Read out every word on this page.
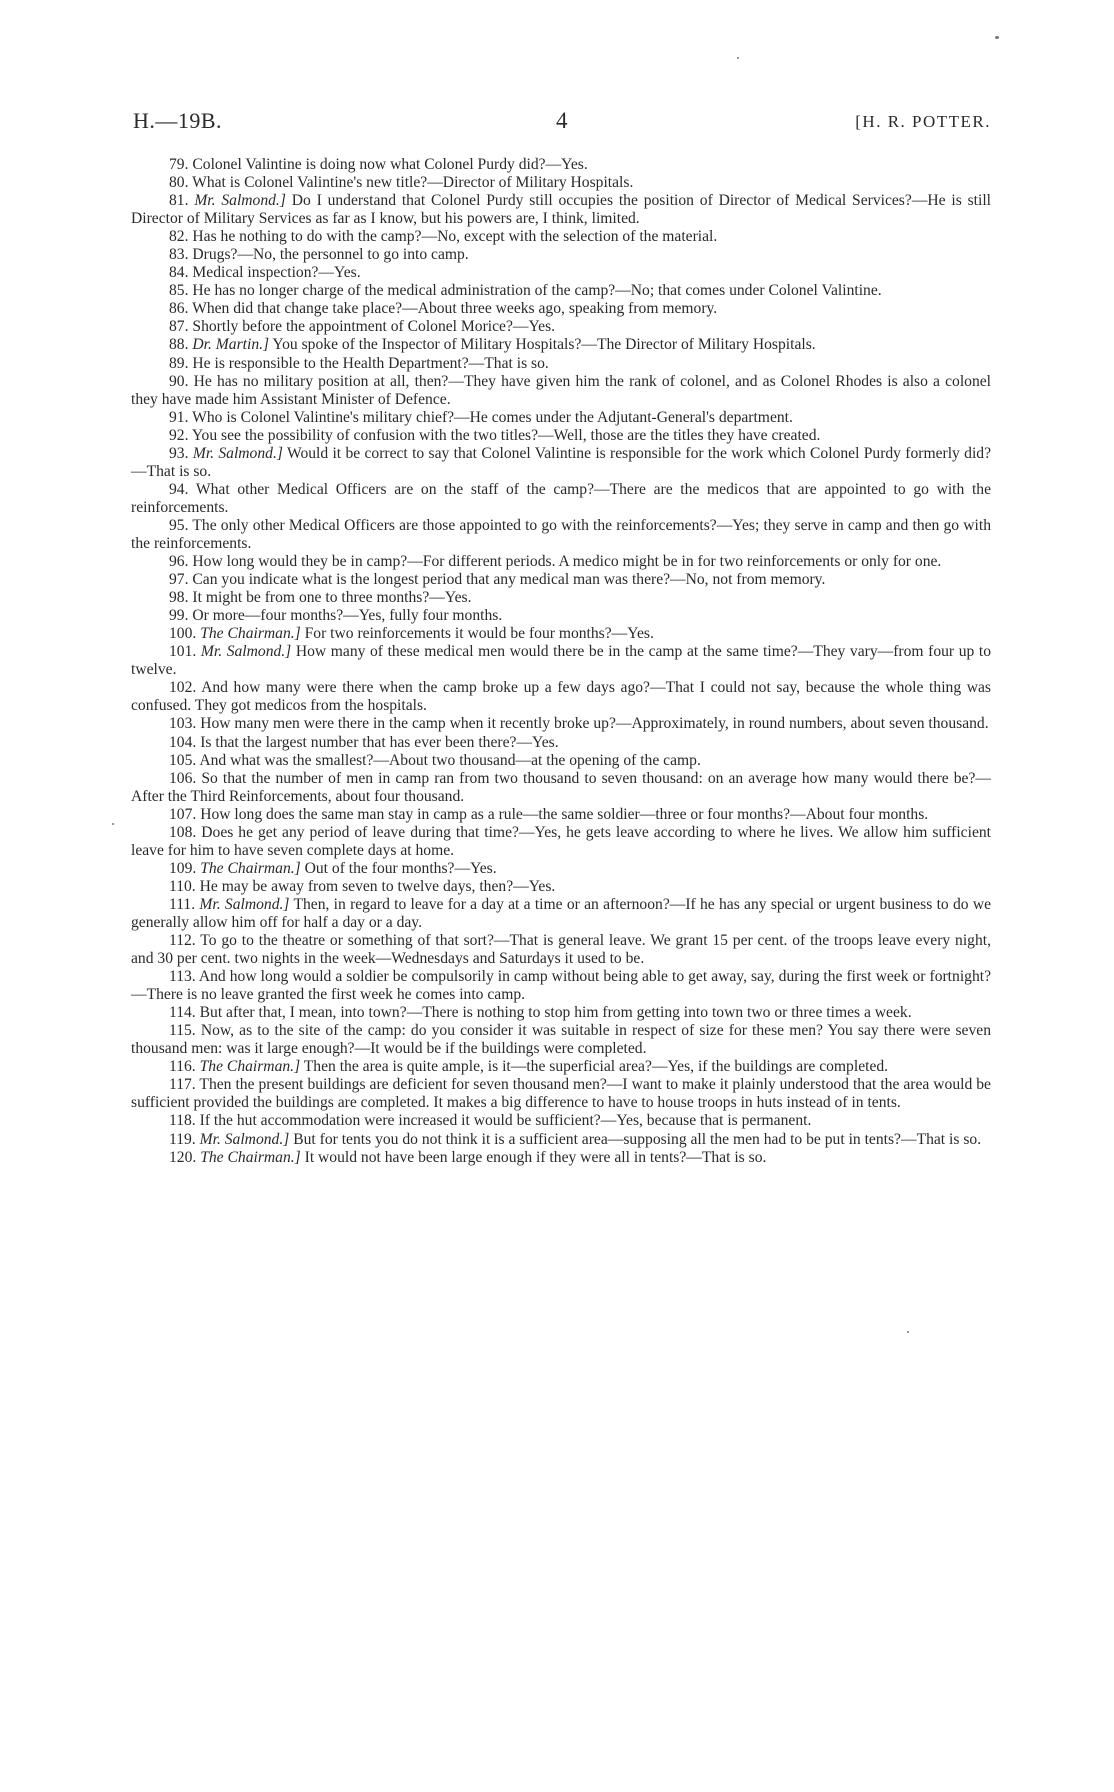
H.—19B.	4	[H. R. POTTER.

79. Colonel Valintine is doing now what Colonel Purdy did?—Yes.

80. What is Colonel Valintine's new title?—Director of Military Hospitals.

81. Mr. Salmond.] Do I understand that Colonel Purdy still occupies the position of Director of Medical Services?—He is still Director of Military Services as far as I know, but his powers are, I think, limited.

82. Has he nothing to do with the camp?—No, except with the selection of the material.

83. Drugs?—No, the personnel to go into camp.

84. Medical inspection?—Yes.

85. He has no longer charge of the medical administration of the camp?—No; that comes under Colonel Valintine.

86. When did that change take place?—About three weeks ago, speaking from memory.

87. Shortly before the appointment of Colonel Morice?—Yes.

88. Dr. Martin.] You spoke of the Inspector of Military Hospitals?—The Director of Military Hospitals.

89. He is responsible to the Health Department?—That is so.

90. He has no military position at all, then?—They have given him the rank of colonel, and as Colonel Rhodes is also a colonel they have made him Assistant Minister of Defence.

91. Who is Colonel Valintine's military chief?—He comes under the Adjutant-General's department.

92. You see the possibility of confusion with the two titles?—Well, those are the titles they have created.

93. Mr. Salmond.] Would it be correct to say that Colonel Valintine is responsible for the work which Colonel Purdy formerly did?—That is so.

94. What other Medical Officers are on the staff of the camp?—There are the medicos that are appointed to go with the reinforcements.

95. The only other Medical Officers are those appointed to go with the reinforcements?—Yes; they serve in camp and then go with the reinforcements.

96. How long would they be in camp?—For different periods. A medico might be in for two reinforcements or only for one.

97. Can you indicate what is the longest period that any medical man was there?—No, not from memory.

98. It might be from one to three months?—Yes.

99. Or more—four months?—Yes, fully four months.

100. The Chairman.] For two reinforcements it would be four months?—Yes.

101. Mr. Salmond.] How many of these medical men would there be in the camp at the same time?—They vary—from four up to twelve.

102. And how many were there when the camp broke up a few days ago?—That I could not say, because the whole thing was confused. They got medicos from the hospitals.

103. How many men were there in the camp when it recently broke up?—Approximately, in round numbers, about seven thousand.

104. Is that the largest number that has ever been there?—Yes.

105. And what was the smallest?—About two thousand—at the opening of the camp.

106. So that the number of men in camp ran from two thousand to seven thousand: on an average how many would there be?—After the Third Reinforcements, about four thousand.

107. How long does the same man stay in camp as a rule—the same soldier—three or four months?—About four months.

108. Does he get any period of leave during that time?—Yes, he gets leave according to where he lives. We allow him sufficient leave for him to have seven complete days at home.

109. The Chairman.] Out of the four months?—Yes.

110. He may be away from seven to twelve days, then?—Yes.

111. Mr. Salmond.] Then, in regard to leave for a day at a time or an afternoon?—If he has any special or urgent business to do we generally allow him off for half a day or a day.

112. To go to the theatre or something of that sort?—That is general leave. We grant 15 per cent. of the troops leave every night, and 30 per cent. two nights in the week—Wednesdays and Saturdays it used to be.

113. And how long would a soldier be compulsorily in camp without being able to get away, say, during the first week or fortnight?—There is no leave granted the first week he comes into camp.

114. But after that, I mean, into town?—There is nothing to stop him from getting into town two or three times a week.

115. Now, as to the site of the camp: do you consider it was suitable in respect of size for these men? You say there were seven thousand men: was it large enough?—It would be if the buildings were completed.

116. The Chairman.] Then the area is quite ample, is it—the superficial area?—Yes, if the buildings are completed.

117. Then the present buildings are deficient for seven thousand men?—I want to make it plainly understood that the area would be sufficient provided the buildings are completed. It makes a big difference to have to house troops in huts instead of in tents.

118. If the hut accommodation were increased it would be sufficient?—Yes, because that is permanent.

119. Mr. Salmond.] But for tents you do not think it is a sufficient area—supposing all the men had to be put in tents?—That is so.

120. The Chairman.] It would not have been large enough if they were all in tents?—That is so.
